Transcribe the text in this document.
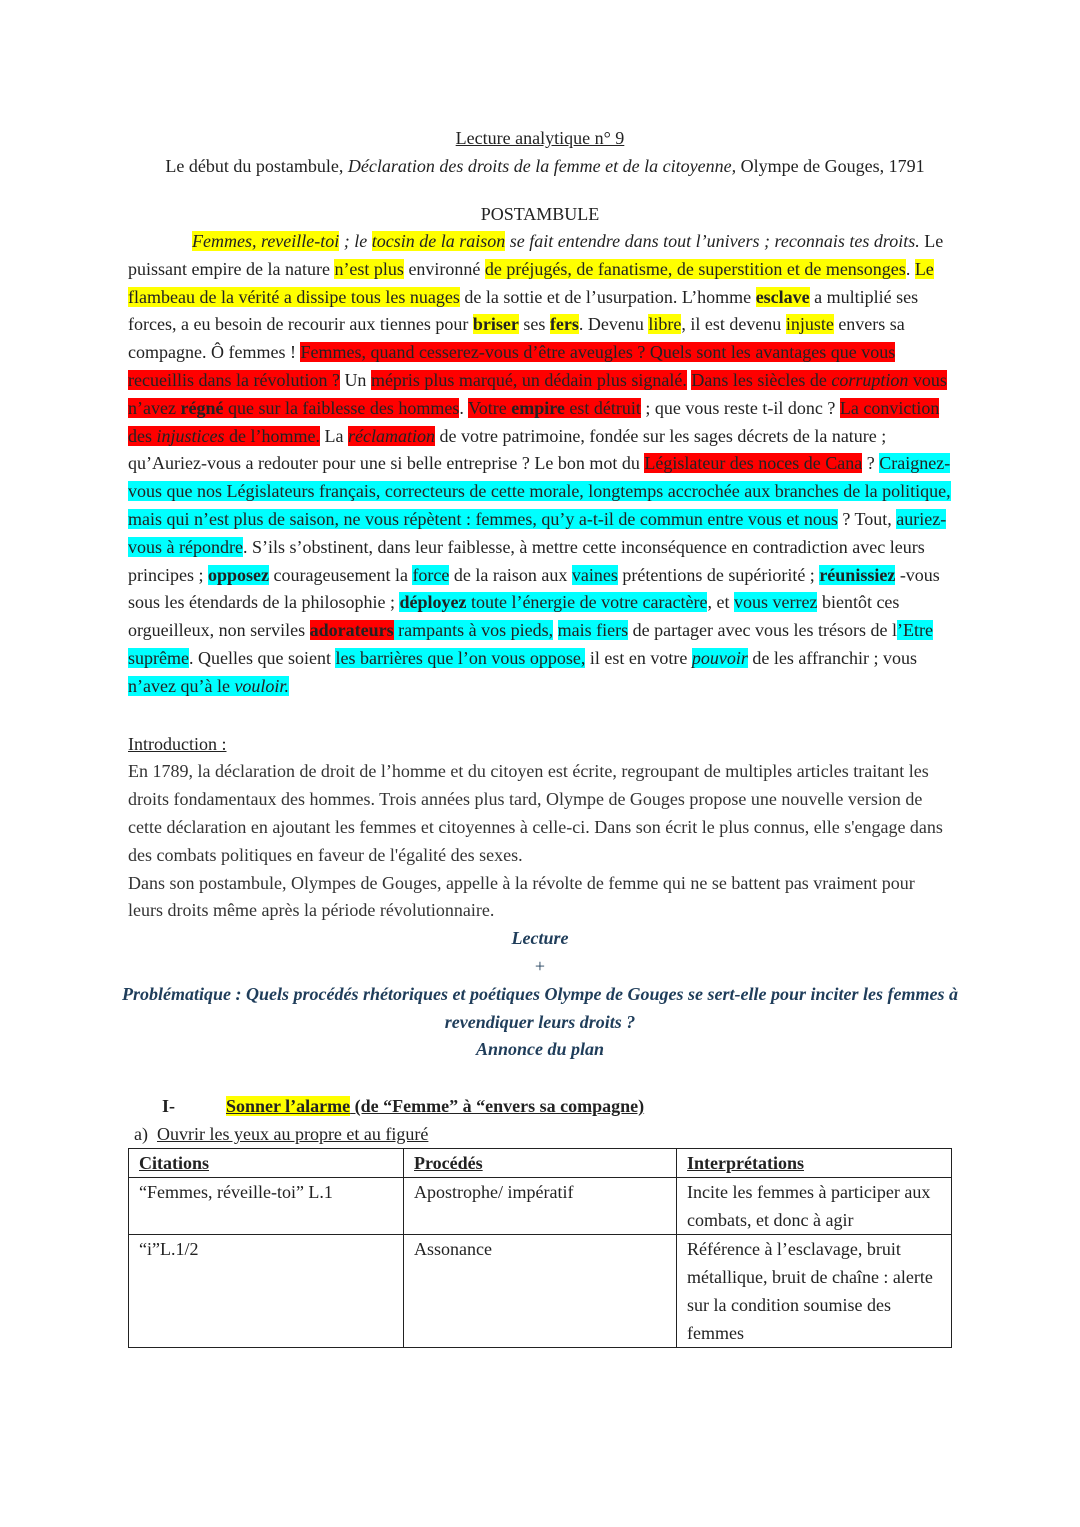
Lecture analytique n° 9
Le début du postambule, Déclaration des droits de la femme et de la citoyenne, Olympe de Gouges, 1791
POSTAMBULE

Femmes, reveille-toi ; le tocsin de la raison se fait entendre dans tout l’univers ; reconnais tes droits. Le puissant empire de la nature n’est plus environné de préjugés, de fanatisme, de superstition et de mensonges. Le flambeau de la vérité a dissipe tous les nuages de la sottie et de l’usurpation. L’homme esclave a multiplié ses forces, a eu besoin de recourir aux tiennes pour briser ses fers. Devenu libre, il est devenu injuste envers sa compagne. Ô femmes ! Femmes, quand cesserez-vous d’être aveugles ? Quels sont les avantages que vous recueillis dans la révolution ? Un mépris plus marqué, un dédain plus signalé. Dans les siècles de corruption vous n’avez régné que sur la faiblesse des hommes. Votre empire est détruit ; que vous reste t-il donc ? La conviction des injustices de l’homme. La réclamation de votre patrimoine, fondée sur les sages décrets de la nature ; qu’Auriez-vous a redouter pour une si belle entreprise ? Le bon mot du Législateur des noces de Cana ? Craignez-vous que nos Législateurs français, correcteurs de cette morale, longtemps accrochée aux branches de la politique, mais qui n’est plus de saison, ne vous répètent : femmes, qu’y a-t-il de commun entre vous et nous ? Tout, auriez-vous à répondre. S’ils s’obstinent, dans leur faiblesse, à mettre cette inconséquence en contradiction avec leurs principes ; opposez courageusement la force de la raison aux vaines prétentions de supériorité ; réunissiez -vous sous les étendards de la philosophie ; déployez toute l’énergie de votre caractère, et vous verrez bientôt ces orgueilleux, non serviles adorateurs rampants à vos pieds, mais fiers de partager avec vous les trésors de l’Etre suprême. Quelles que soient les barrières que l’on vous oppose, il est en votre pouvoir de les affranchir ; vous n’avez qu’à le vouloir.

Introduction :

En 1789, la déclaration de droit de l’homme et du citoyen est écrite, regroupant de multiples articles traitant les droits fondamentaux des hommes. Trois années plus tard, Olympe de Gouges propose une nouvelle version de cette déclaration en ajoutant les femmes et citoyennes à celle-ci. Dans son écrit le plus connus, elle s'engage dans des combats politiques en faveur de l'égalité des sexes.

Dans son postambule, Olympes de Gouges, appelle à la révolte de femme qui ne se battent pas vraiment pour leurs droits même après la période révolutionnaire.

Lecture
+
Problématique : Quels procédés rhétoriques et poétiques Olympe de Gouges se sert-elle pour inciter les femmes à revendiquer leurs droits ?
Annonce du plan
I-	Sonner l’alarme (de “Femme” à “envers sa compagne)
a) Ouvrir les yeux au propre et au figuré
Citations	Procédés	Interprétations
“Femmes, réveille-toi” L.1	Apostrophe/ impératif	Incite les femmes à participer aux combats, et donc à agir
“i”L.1/2	Assonance	Référence à l’esclavage, bruit métallique, bruit de chaîne : alerte sur la condition soumise des femmes
